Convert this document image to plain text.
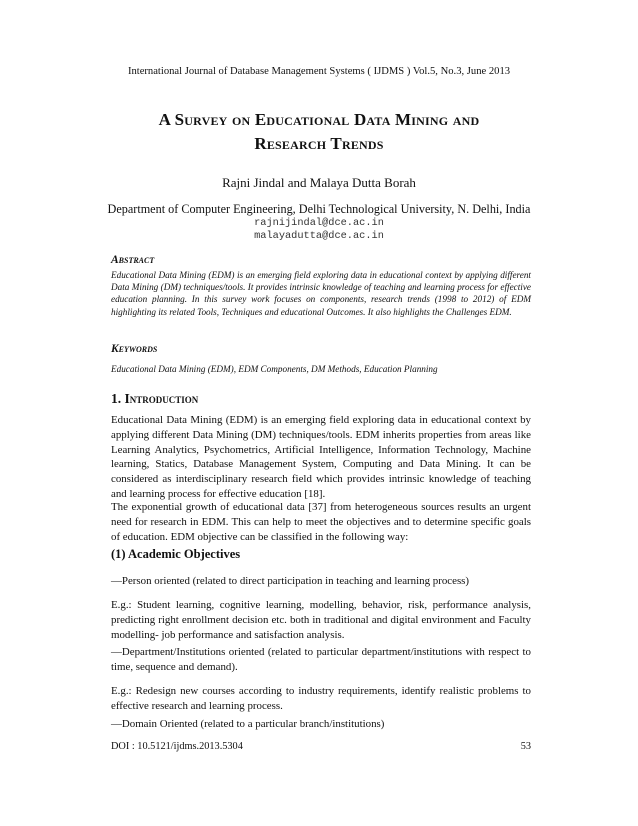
International Journal of Database Management Systems ( IJDMS ) Vol.5, No.3, June 2013
A Survey on Educational Data Mining and
Research Trends
Rajni Jindal and Malaya Dutta Borah
Department of Computer Engineering, Delhi Technological University, N. Delhi, India
rajnijindal@dce.ac.in
malayadutta@dce.ac.in
Abstract
Educational Data Mining (EDM) is an emerging field exploring data in educational context by applying different Data Mining (DM) techniques/tools. It provides intrinsic knowledge of teaching and learning process for effective education planning. In this survey work focuses on components, research trends (1998 to 2012) of EDM highlighting its related Tools, Techniques and educational Outcomes. It also highlights the Challenges EDM.
Keywords
Educational Data Mining (EDM), EDM Components, DM Methods, Education Planning
1. Introduction
Educational Data Mining (EDM) is an emerging field exploring data in educational context by applying different Data Mining (DM) techniques/tools. EDM inherits properties from areas like Learning Analytics, Psychometrics, Artificial Intelligence, Information Technology, Machine learning, Statics, Database Management System, Computing and Data Mining. It can be considered as interdisciplinary research field which provides intrinsic knowledge of teaching and learning process for effective education [18].
The exponential growth of educational data [37] from heterogeneous sources results an urgent need for research in EDM. This can help to meet the objectives and to determine specific goals of education. EDM objective can be classified in the following way:
(1) Academic Objectives
—Person oriented (related to direct participation in teaching and learning process)
E.g.: Student learning, cognitive learning, modelling, behavior, risk, performance analysis, predicting right enrollment decision etc. both in traditional and digital environment and Faculty modelling- job performance and satisfaction analysis.
—Department/Institutions oriented (related to particular department/institutions with respect to time, sequence and demand).
E.g.: Redesign new courses according to industry requirements, identify realistic problems to effective research and learning process.
—Domain Oriented (related to a particular branch/institutions)
DOI : 10.5121/ijdms.2013.5304	53
